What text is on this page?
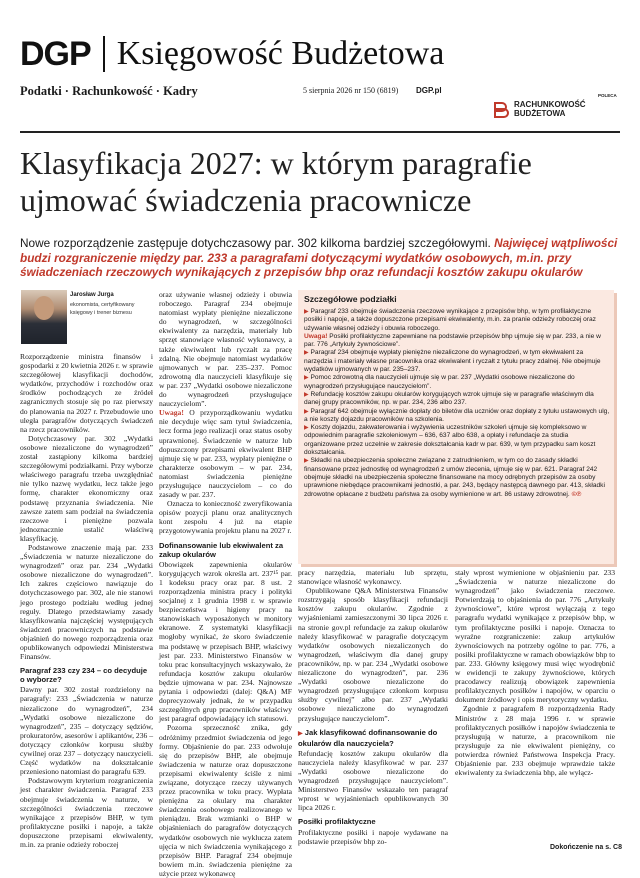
DGP Księgowość Budżetowa
Podatki · Rachunkowość · Kadry	5 sierpnia 2026 nr 150 (6819) DGP.pl
POLECA
RACHUNKOWOŚĆ
BUDŻETOWA
Klasyfikacja 2027: w którym paragrafie ujmować świadczenia pracownicze

Nowe rozporządzenie zastępuje dotychczasowy par. 302 kilkoma bardziej szczegółowymi. Najwięcej wątpliwości budzi rozgraniczenie między par. 233 a paragrafami dotyczącymi wydatków osobowych, m.in. przy świadczeniach rzeczowych wynikających z przepisów bhp oraz refundacji kosztów zakupu okularów

Jarosław Jurga
ekonomista, certyfikowany księgowy i trener biznesu

Rozporządzenie ministra finansów i gospodarki z 20 kwietnia 2026 r. w sprawie szczegółowej klasyfikacji dochodów, wydatków, przychodów i rozchodów oraz środków pochodzących ze źródeł zagranicznych stosuje się po raz pierwszy do planowania na 2027 r. Przebudowie uno uległa paragrafów dotyczących świadczeń na rzecz pracowników.

Dotychczasowy par. 302 „Wydatki osobowe niezaliczone do wynagrodzeń” został zastąpiony kilkoma bardziej szczegółowymi podziałkami. Przy wyborze właściwego paragrafu trzeba uwzględniać nie tylko nazwę wydatku, lecz także jego formę, charakter ekonomiczny oraz podstawę przyznania świadczenia. Nie zawsze zatem sam podział na świadczenia rzeczowe i pieniężne pozwala jednoznacznie ustalić właściwą klasyfikację.

Podstawowe znaczenie mają par. 233 „Świadczenia w naturze niezaliczone do wynagrodzeń” oraz par. 234 „Wydatki osobowe niezaliczone do wynagrodzeń”. Ich zakres częściowo nawiązuje do dotychczasowego par. 302, ale nie stanowi jego prostego podziału według jednej reguły. Dlatego przedstawiamy zasady klasyfikowania najczęściej występujących świadczeń pracowniczych na podstawie objaśnień do nowego rozporządzenia oraz opublikowanych odpowiedzi Ministerstwa Finansów.

Paragraf 233 czy 234 – co decyduje o wyborze?

Dawny par. 302 został rozdzielony na paragrafy: 233 „Świadczenia w naturze niezaliczone do wynagrodzeń”, 234 „Wydatki osobowe niezaliczone do wynagrodzeń”, 235 – dotyczący sędziów, prokuratorów, asesorów i aplikantów, 236 – dotyczący członków korpusu służby cywilnej oraz 237 – dotyczący nauczycieli. Część wydatków na dokształcanie przeniesiono natomiast do paragrafu 639.

Podstawowym kryterium rozgraniczenia jest charakter świadczenia. Paragraf 233 obejmuje świadczenia w naturze, w szczególności świadczenia rzeczowe wynikające z przepisów BHP, w tym profilaktyczne posiłki i napoje, a także dopuszczone przepisami ekwiwalenty, m.in. za pranie odzieży roboczej

oraz używanie własnej odzieży i obuwia roboczego. Paragraf 234 obejmuje natomiast wypłaty pieniężne niezaliczone do wynagrodzeń, w szczególności ekwiwalenty za narzędzia, materiały lub sprzęt stanowiące własność wykonawcy, a także ekwiwalent lub ryczałt za pracę zdalną. Nie obejmuje natomiast wydatków ujmowanych w par. 235–237. Pomoc zdrowotną dla nauczycieli klasyfikuje się w par. 237 „Wydatki osobowe niezaliczone do wynagrodzeń przysługujące nauczycielom”.

Uwaga! O przyporządkowaniu wydatku nie decyduje więc sam tytuł świadczenia, lecz forma jego realizacji oraz status osoby uprawnionej. Świadczenie w naturze lub dopuszczony przepisami ekwiwalent BHP ujmuje się w par. 233, wypłaty pieniężne o charakterze osobowym – w par. 234, natomiast świadczenia pieniężne przysługujące nauczycielom – co do zasady w par. 237.

Oznacza to konieczność zweryfikowania opisów pozycji planu oraz analitycznych kont zespołu 4 już na etapie przygotowywania projektu planu na 2027 r.

Dofinansowanie lub ekwiwalent za zakup okularów

Obowiązek zapewnienia okularów korygujących wzrok określa art. 237¹⁵ par. 1 kodeksu pracy oraz par. 8 ust. 2 rozporządzenia ministra pracy i polityki socjalnej z 1 grudnia 1998 r. w sprawie bezpieczeństwa i higieny pracy na stanowiskach wyposażonych w monitory ekranowe. Z systematyki klasyfikacji mogłoby wynikać, że skoro świadczenie ma podstawę w przepisach BHP, właściwy jest par. 233. Ministerstwo Finansów w toku prac konsultacyjnych wskazywało, że refundacja kosztów zakupu okularów będzie ujmowana w par. 234. Najnowsze pytania i odpowiedzi (dalej: Q&A) MF doprecyzowały jednak, że w przypadku szczególnych grup pracowników właściwy jest paragraf odpowiadający ich statusowi.

Pozorna sprzeczność znika, gdy odróżnimy przedmiot świadczenia od jego formy. Objaśnienie do par. 233 odwołuje się do przepisów BHP, ale obejmuje świadczenia w naturze oraz dopuszczone przepisami ekwiwalenty ściśle z nimi związane, dotyczące rzeczy używanych przez pracownika w toku pracy. Wypłata pieniężna za okulary ma charakter świadczenia osobowego realizowanego w pieniądzu. Brak wzmianki o BHP w objaśnieniach do paragrafów dotyczących wydatków osobowych nie wyklucza zatem ujęcia w nich świadczenia wynikającego z przepisów BHP. Paragraf 234 obejmuje bowiem m.in. świadczenia pieniężne za użycie przez wykonawcę

Szczegółowe podziałki

▶ Paragraf 233 obejmuje świadczenia rzeczowe wynikające z przepisów bhp, w tym profilaktyczne posiłki i napoje, a także dopuszczone przepisami ekwiwalenty, m.in. za pranie odzieży roboczej oraz używanie własnej odzieży i obuwia roboczego.

Uwaga! Posiłki profilaktyczne zapewniane na podstawie przepisów bhp ujmuje się w par. 233, a nie w par. 776 „Artykuły żywnościowe”.

▶ Paragraf 234 obejmuje wypłaty pieniężne niezaliczone do wynagrodzeń, w tym ekwiwalent za narzędzia i materiały własne pracownika oraz ekwiwalent i ryczałt z tytułu pracy zdalnej. Nie obejmuje wydatków ujmowanych w par. 235–237.

▶ Pomoc zdrowotną dla nauczycieli ujmuje się w par. 237 „Wydatki osobowe niezaliczone do wynagrodzeń przysługujące nauczycielom”.

▶ Refundację kosztów zakupu okularów korygujących wzrok ujmuje się w paragrafie właściwym dla danej grupy pracowników, np. w par. 234, 236 albo 237.

▶ Paragraf 642 obejmuje wyłącznie dopłaty do biletów dla uczniów oraz dopłaty z tytułu ustawowych ulg, a nie koszty dojazdu pracowników na szkolenia.

▶ Koszty dojazdu, zakwaterowania i wyżywienia uczestników szkoleń ujmuje się kompleksowo w odpowiednim paragrafie szkoleniowym – 636, 637 albo 638, a opłaty i refundacje za studia organizowane przez uczelnie w zakresie dokształcania kadr w par. 639, w tym przypadku sam koszt dokształcania.

▶ Składki na ubezpieczenia społeczne związane z zatrudnieniem, w tym co do zasady składki finansowane przez jednostkę od wynagrodzeń z umów zlecenia, ujmuje się w par. 621. Paragraf 242 obejmuje składki na ubezpieczenia społeczne finansowane na mocy odrębnych przepisów za osoby uprawnione niebędące pracownikami jednostki, a par. 243, będący następcą dawnego par. 413, składki zdrowotne opłacane z budżetu państwa za osoby wymienione w art. 86 ustawy zdrowotnej. ©℗

pracy narzędzia, materiału lub sprzętu, stanowiące własność wykonawcy.

Opublikowane Q&A Ministerstwa Finansów rozstrzygają sposób klasyfikacji refundacji kosztów zakupu okularów. Zgodnie z wyjaśnieniami zamieszczonymi 30 lipca 2026 r. na stronie gov.pl refundacje za zakup okularów należy klasyfikować w paragrafie dotyczącym wydatków osobowych niezaliczonych do wynagrodzeń, właściwym dla danej grupy pracowników, np. w par. 234 „Wydatki osobowe niezaliczone do wynagrodzeń”, par. 236 „Wydatki osobowe niezaliczone do wynagrodzeń przysługujące członkom korpusu służby cywilnej” albo par. 237 „Wydatki osobowe niezaliczone do wynagrodzeń przysługujące nauczycielom”.

▶ Jak klasyfikować dofinansowanie do okularów dla nauczyciela?

Refundację kosztów zakupu okularów dla nauczyciela należy klasyfikować w par. 237 „Wydatki osobowe niezaliczone do wynagrodzeń przysługujące nauczycielom”. Ministerstwo Finansów wskazało ten paragraf wprost w wyjaśnieniach opublikowanych 30 lipca 2026 r.

Posiłki profilaktyczne

Profilaktyczne posiłki i napoje wydawane na podstawie przepisów bhp zo-

stały wprost wymienione w objaśnieniu par. 233 „Świadczenia w naturze niezaliczone do wynagrodzeń” jako świadczenia rzeczowe. Potwierdzają to objaśnienia do par. 776 „Artykuły żywnościowe”, które wprost wyłączają z tego paragrafu wydatki wynikające z przepisów bhp, w tym profilaktyczne posiłki i napoje. Oznacza to wyraźne rozgraniczenie: zakup artykułów żywnościowych na potrzeby ogólne to par. 776, a posiłki profilaktyczne w ramach obowiązków bhp to par. 233. Główny księgowy musi więc wyodrębnić w ewidencji te zakupy żywnościowe, których pracodawcy realizują obowiązek zapewnienia profilaktycznych posiłków i napojów, w oparciu o dokument źródłowy i opis merytoryczny wydatku.

Zgodnie z paragrafem 8 rozporządzenia Rady Ministrów z 28 maja 1996 r. w sprawie profilaktycznych posiłków i napojów świadczenia te przysługują w naturze, a pracownikom nie przysługuje za nie ekwiwalent pieniężny, co potwierdza również Państwowa Inspekcja Pracy. Objaśnienie par. 233 obejmuje wprawdzie także ekwiwalenty za świadczenia bhp, ale wyłącz-

Dokończenie na s. C8
